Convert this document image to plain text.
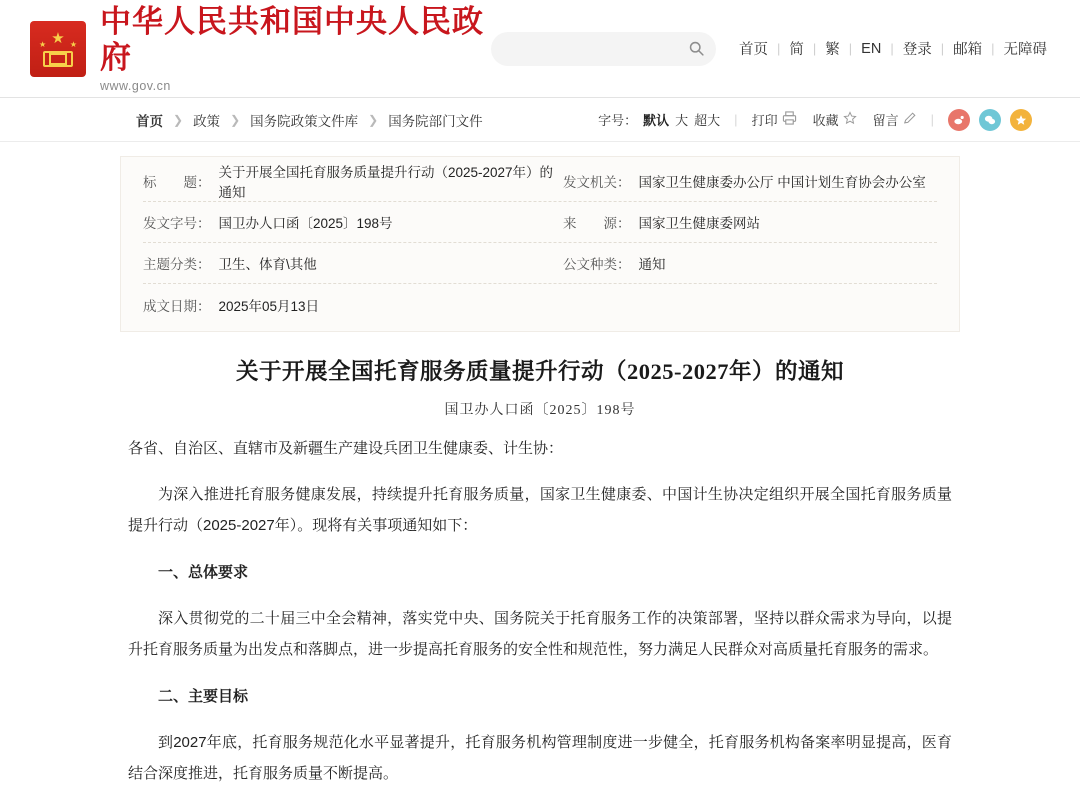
★
★	★
中华人民共和国中央人民政府
www.gov.cn
首页 | 简 | 繁 | EN | 登录 | 邮箱 | 无障碍
首页 ❯ 政策 ❯ 国务院政策文件库 ❯ 国务院部门文件	字号： 默认 大 超大	|	打印	收藏	留言	|
标　　题：
关于开展全国托育服务质量提升行动（2025-2027年）的通知
发文机关： 国家卫生健康委办公厅 中国计划生育协会办公室
发文字号： 国卫办人口函〔2025〕198号	来　　源： 国家卫生健康委网站
主题分类： 卫生、体育\其他	公文种类： 通知
成文日期： 2025年05月13日
关于开展全国托育服务质量提升行动（2025-2027年）的通知
国卫办人口函〔2025〕198号

各省、自治区、直辖市及新疆生产建设兵团卫生健康委、计生协：

为深入推进托育服务健康发展，持续提升托育服务质量，国家卫生健康委、中国计生协决定组织开展全国托育服务质量提升行动（2025-2027年）。现将有关事项通知如下：

一、总体要求

深入贯彻党的二十届三中全会精神，落实党中央、国务院关于托育服务工作的决策部署，坚持以群众需求为导向，以提升托育服务质量为出发点和落脚点，进一步提高托育服务的安全性和规范性，努力满足人民群众对高质量托育服务的需求。

二、主要目标

到2027年底，托育服务规范化水平显著提升，托育服务机构管理制度进一步健全，托育服务机构备案率明显提高，医育结合深度推进，托育服务质量不断提高。
